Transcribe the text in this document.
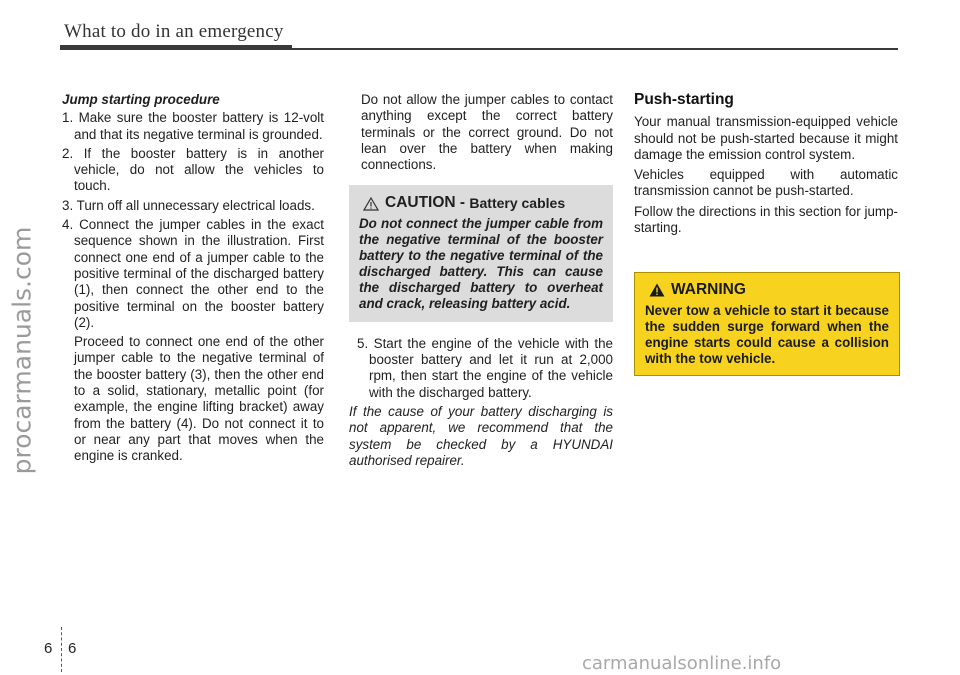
What to do in an emergency
procarmanuals.com

Jump starting procedure

1. Make sure the booster battery is 12-volt and that its negative terminal is grounded.

2. If the booster battery is in another vehicle, do not allow the vehicles to touch.

3. Turn off all unnecessary electrical loads.

4. Connect the jumper cables in the exact sequence shown in the illustration. First connect one end of a jumper cable to the positive terminal of the discharged battery (1), then connect the other end to the positive terminal on the booster battery (2).

Proceed to connect one end of the other jumper cable to the negative terminal of the booster battery (3), then the other end to a solid, stationary, metallic point (for example, the engine lifting bracket) away from the battery (4). Do not connect it to or near any part that moves when the engine is cranked.

Do not allow the jumper cables to contact anything except the correct battery terminals or the correct ground. Do not lean over the battery when making connections.

CAUTION - Battery cables
Do not connect the jumper cable from the negative terminal of the booster battery to the negative terminal of the discharged battery. This can cause the discharged battery to overheat and crack, releasing battery acid.

5. Start the engine of the vehicle with the booster battery and let it run at 2,000 rpm, then start the engine of the vehicle with the discharged battery.

If the cause of your battery discharging is not apparent, we recommend that the system be checked by a HYUNDAI authorised repairer.

Push-starting

Your manual transmission-equipped vehicle should not be push-started because it might damage the emission control system.

Vehicles equipped with automatic transmission cannot be push-started.

Follow the directions in this section for jump-starting.

WARNING
Never tow a vehicle to start it because the sudden surge forward when the engine starts could cause a collision with the tow vehicle.
6 6
carmanualsonline.info
